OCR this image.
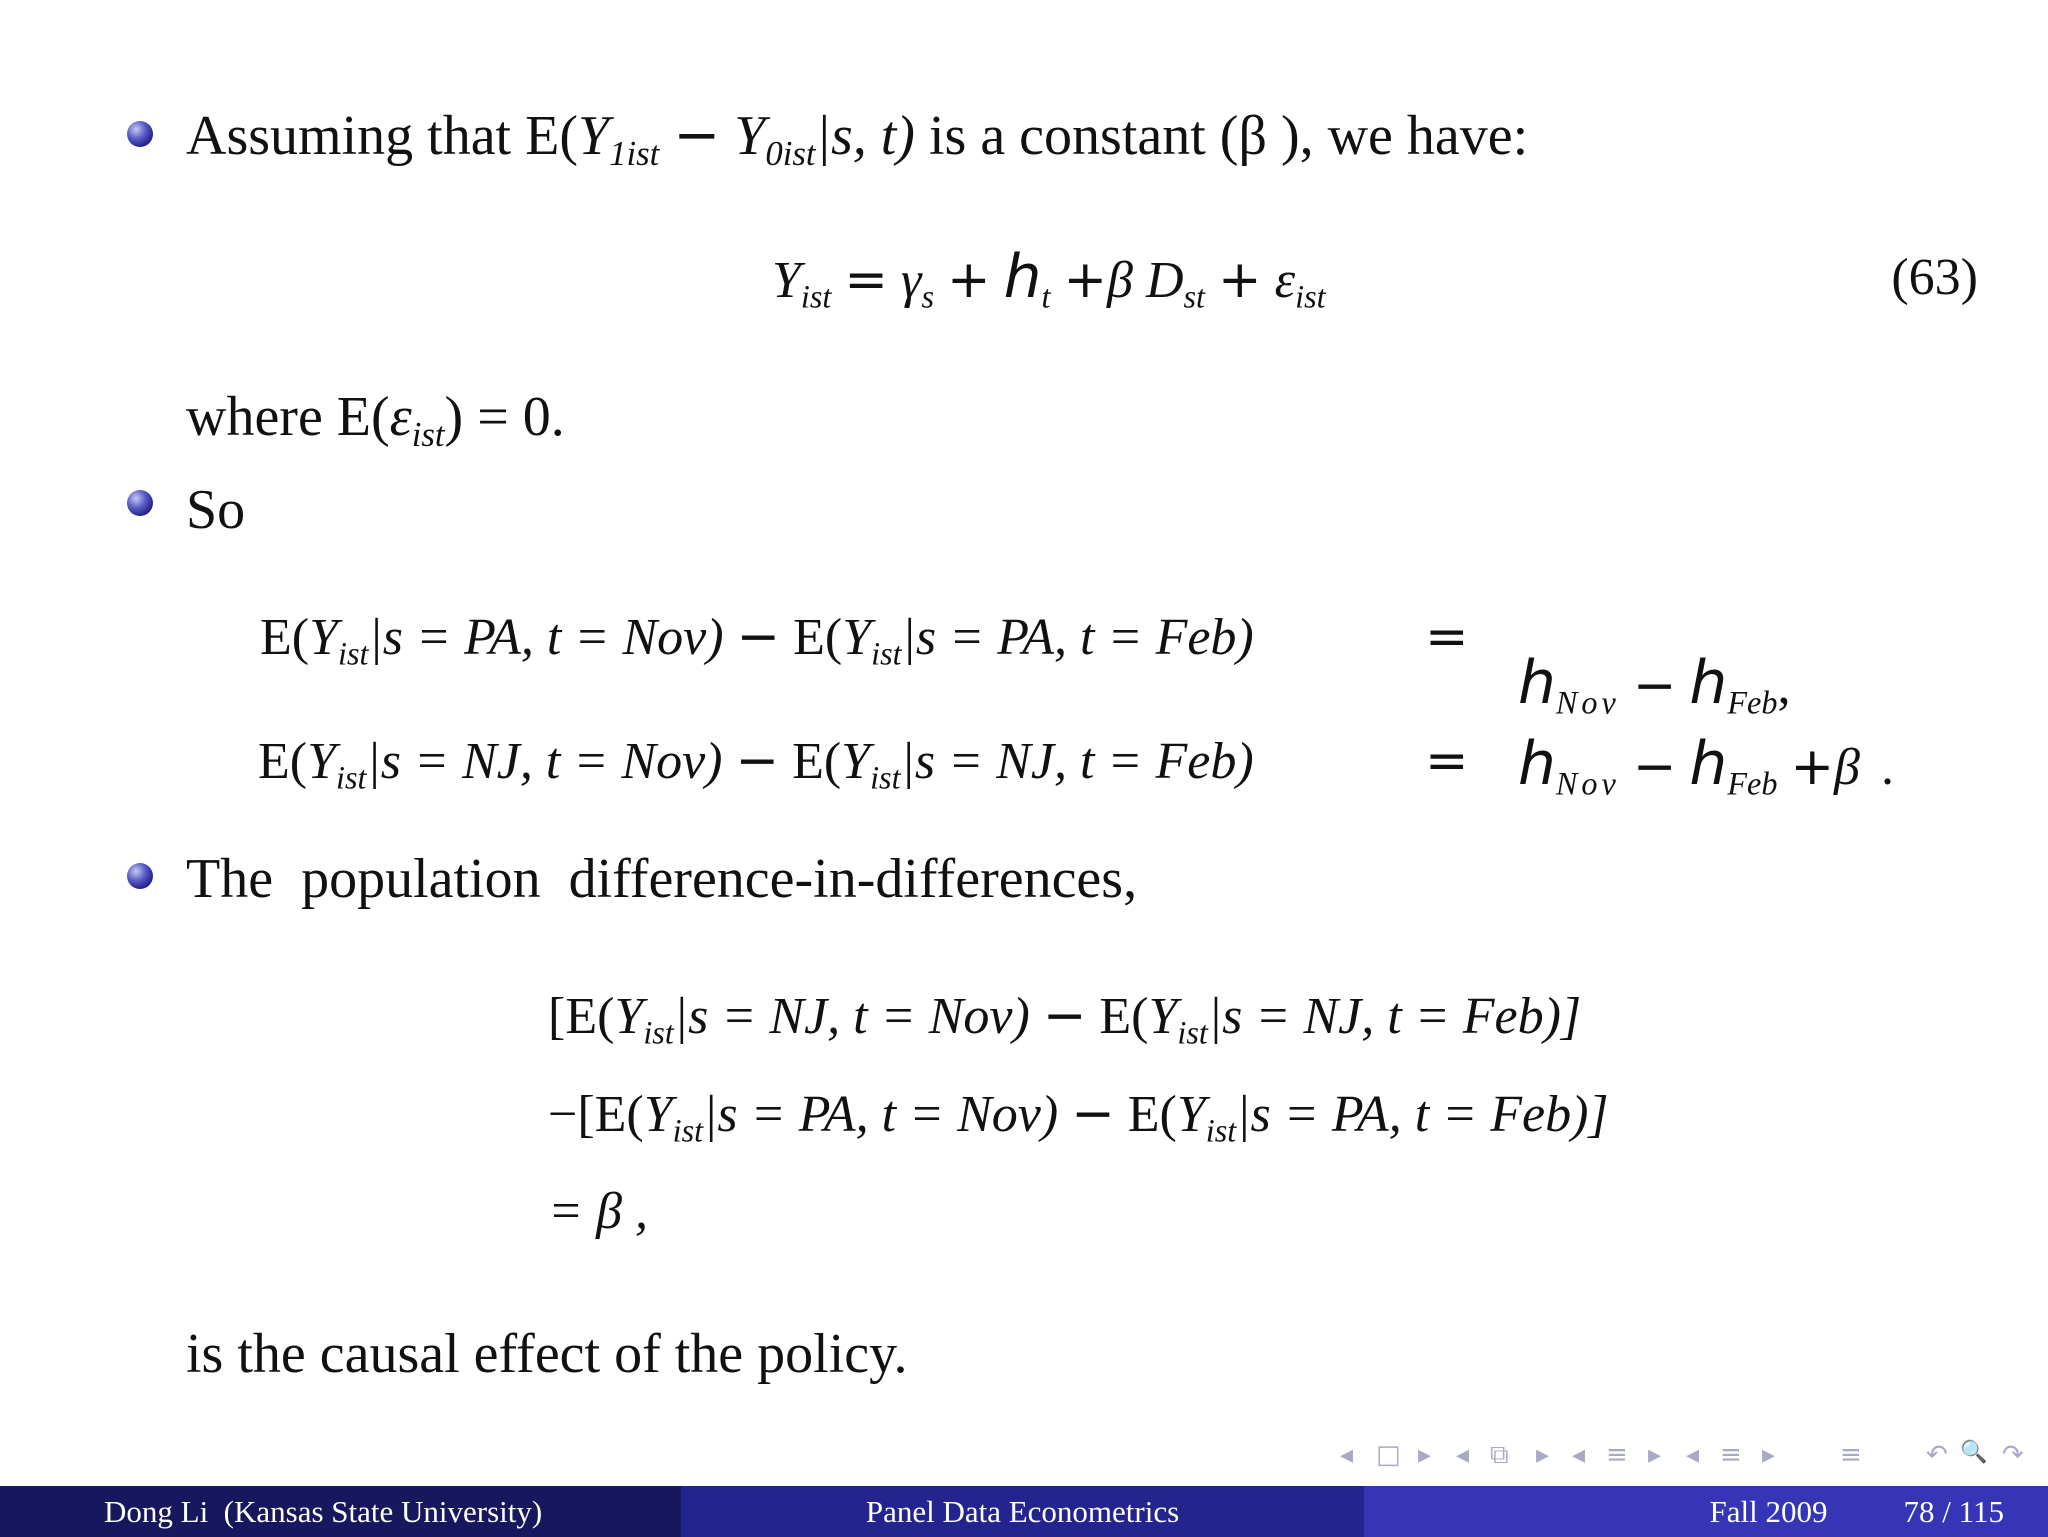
Assuming that $E(Y_{1ist} - Y_{0ist}|s$, t) is a constant (β ), we have:
$Y_{ist} = \gamma_s + h_t +\beta$ $D_{st} + \varepsilon_{ist}$	(63)
where $E(\varepsilon_{ist}) = 0$.
So
$E(Y_{ist}|s$ = PA, $t = Nov) - E(Y_{ist}|s$ = PA, t = Feb)	=
hNov − hFeb,
$E(Y_{ist}|s$ = NJ, $t = Nov) - E(Y_{ist}|s$ = NJ, t = Feb)	= hNov − hFeb +β .
The  population  difference-in-differences,
[$E(Y_{ist}|s$ = NJ, $t = Nov) - E(Y_{ist}|s$ = NJ, t = Feb)]
$-[E(Y_{ist}|s$ = PA, $t = Nov) - E(Y_{ist}|s$ = PA, t = Feb)]
= β ,
is the causal effect of the policy.
◂ □ ▸ ◂ ⧉ ▸ ◂ ≡ ▸ ◂ ≡ ▸ ≡ ↶ 🔍 ↷
Dong Li  (Kansas State University)	Panel Data Econometrics	Fall 2009 78 / 115
